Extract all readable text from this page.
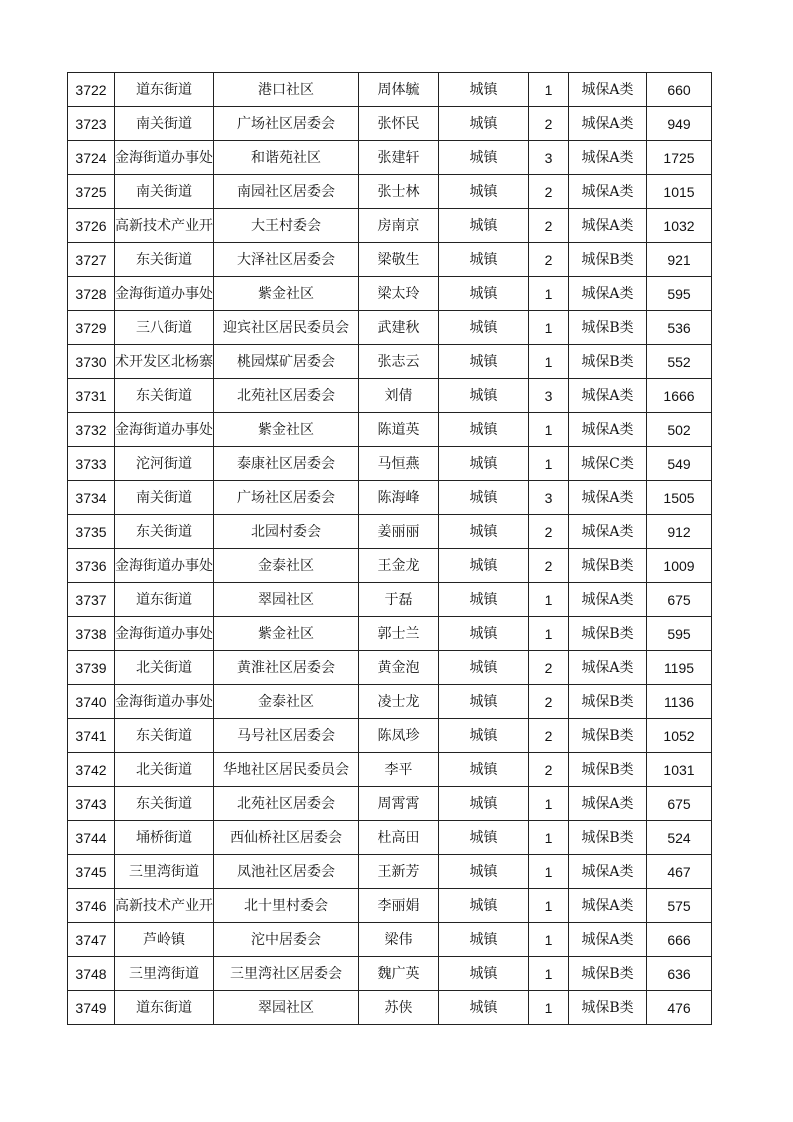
3722	道东街道	港口社区	周体毓	城镇	1	城保A类	660
3723	南关街道	广场社区居委会	张怀民	城镇	2	城保A类	949
3724	金海街道办事处	和谐苑社区	张建轩	城镇	3	城保A类	1725
3725	南关街道	南园社区居委会	张士林	城镇	2	城保A类	1015
3726	高新技术产业开	大王村委会	房南京	城镇	2	城保A类	1032
3727	东关街道	大泽社区居委会	梁敬生	城镇	2	城保B类	921
3728	金海街道办事处	紫金社区	梁太玲	城镇	1	城保A类	595
3729	三八街道	迎宾社区居民委员会	武建秋	城镇	1	城保B类	536
3730	术开发区北杨寨	桃园煤矿居委会	张志云	城镇	1	城保B类	552
3731	东关街道	北苑社区居委会	刘倩	城镇	3	城保A类	1666
3732	金海街道办事处	紫金社区	陈道英	城镇	1	城保A类	502
3733	沱河街道	泰康社区居委会	马恒燕	城镇	1	城保C类	549
3734	南关街道	广场社区居委会	陈海峰	城镇	3	城保A类	1505
3735	东关街道	北园村委会	姜丽丽	城镇	2	城保A类	912
3736	金海街道办事处	金泰社区	王金龙	城镇	2	城保B类	1009
3737	道东街道	翠园社区	于磊	城镇	1	城保A类	675
3738	金海街道办事处	紫金社区	郭士兰	城镇	1	城保B类	595
3739	北关街道	黄淮社区居委会	黄金泡	城镇	2	城保A类	1195
3740	金海街道办事处	金泰社区	凌士龙	城镇	2	城保B类	1136
3741	东关街道	马号社区居委会	陈凤珍	城镇	2	城保B类	1052
3742	北关街道	华地社区居民委员会	李平	城镇	2	城保B类	1031
3743	东关街道	北苑社区居委会	周霄霄	城镇	1	城保A类	675
3744	埇桥街道	西仙桥社区居委会	杜高田	城镇	1	城保B类	524
3745	三里湾街道	凤池社区居委会	王新芳	城镇	1	城保A类	467
3746	高新技术产业开	北十里村委会	李丽娟	城镇	1	城保A类	575
3747	芦岭镇	沱中居委会	梁伟	城镇	1	城保A类	666
3748	三里湾街道	三里湾社区居委会	魏广英	城镇	1	城保B类	636
3749	道东街道	翠园社区	苏侠	城镇	1	城保B类	476
